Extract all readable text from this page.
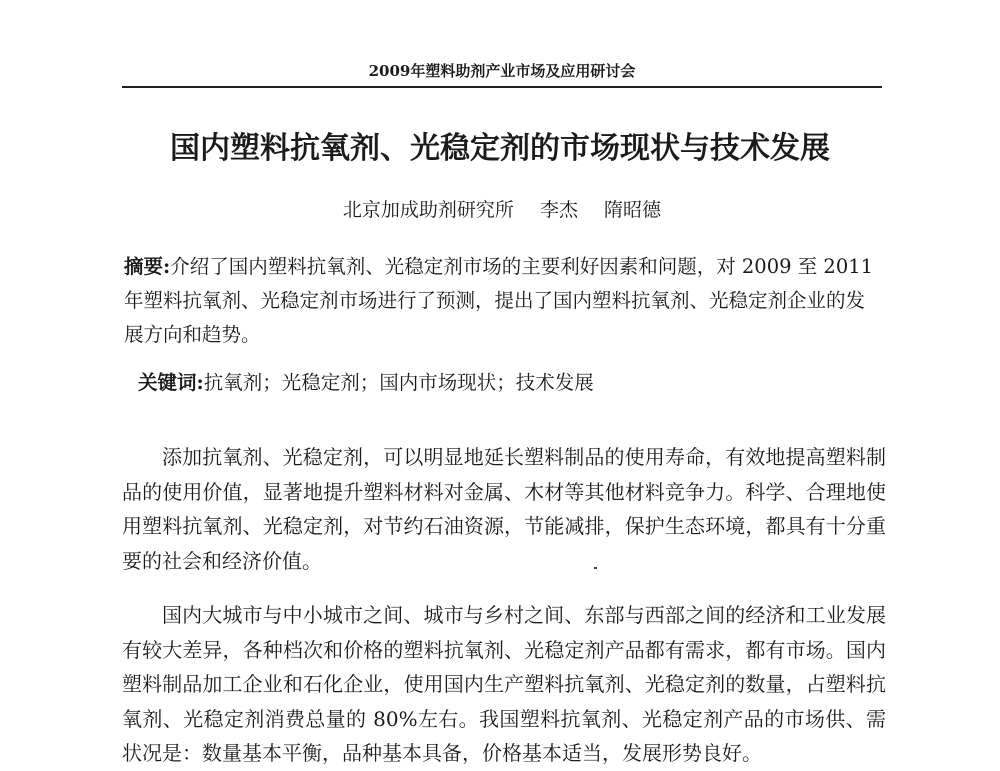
2009年塑料助剂产业市场及应用研讨会
国内塑料抗氧剂、光稳定剂的市场现状与技术发展
北京加成助剂研究所 李杰 隋昭德
摘要:介绍了国内塑料抗氧剂、光稳定剂市场的主要利好因素和问题，对 2009 至 2011 年塑料抗氧剂、光稳定剂市场进行了预测，提出了国内塑料抗氧剂、光稳定剂企业的发展方向和趋势。
关键词:抗氧剂；光稳定剂；国内市场现状；技术发展

添加抗氧剂、光稳定剂，可以明显地延长塑料制品的使用寿命，有效地提高塑料制品的使用价值，显著地提升塑料材料对金属、木材等其他材料竞争力。科学、合理地使用塑料抗氧剂、光稳定剂，对节约石油资源，节能减排，保护生态环境，都具有十分重要的社会和经济价值。

国内大城市与中小城市之间、城市与乡村之间、东部与西部之间的经济和工业发展有较大差异，各种档次和价格的塑料抗氧剂、光稳定剂产品都有需求，都有市场。国内塑料制品加工企业和石化企业，使用国内生产塑料抗氧剂、光稳定剂的数量，占塑料抗氧剂、光稳定剂消费总量的 80%左右。我国塑料抗氧剂、光稳定剂产品的市场供、需状况是：数量基本平衡，品种基本具备，价格基本适当，发展形势良好。
